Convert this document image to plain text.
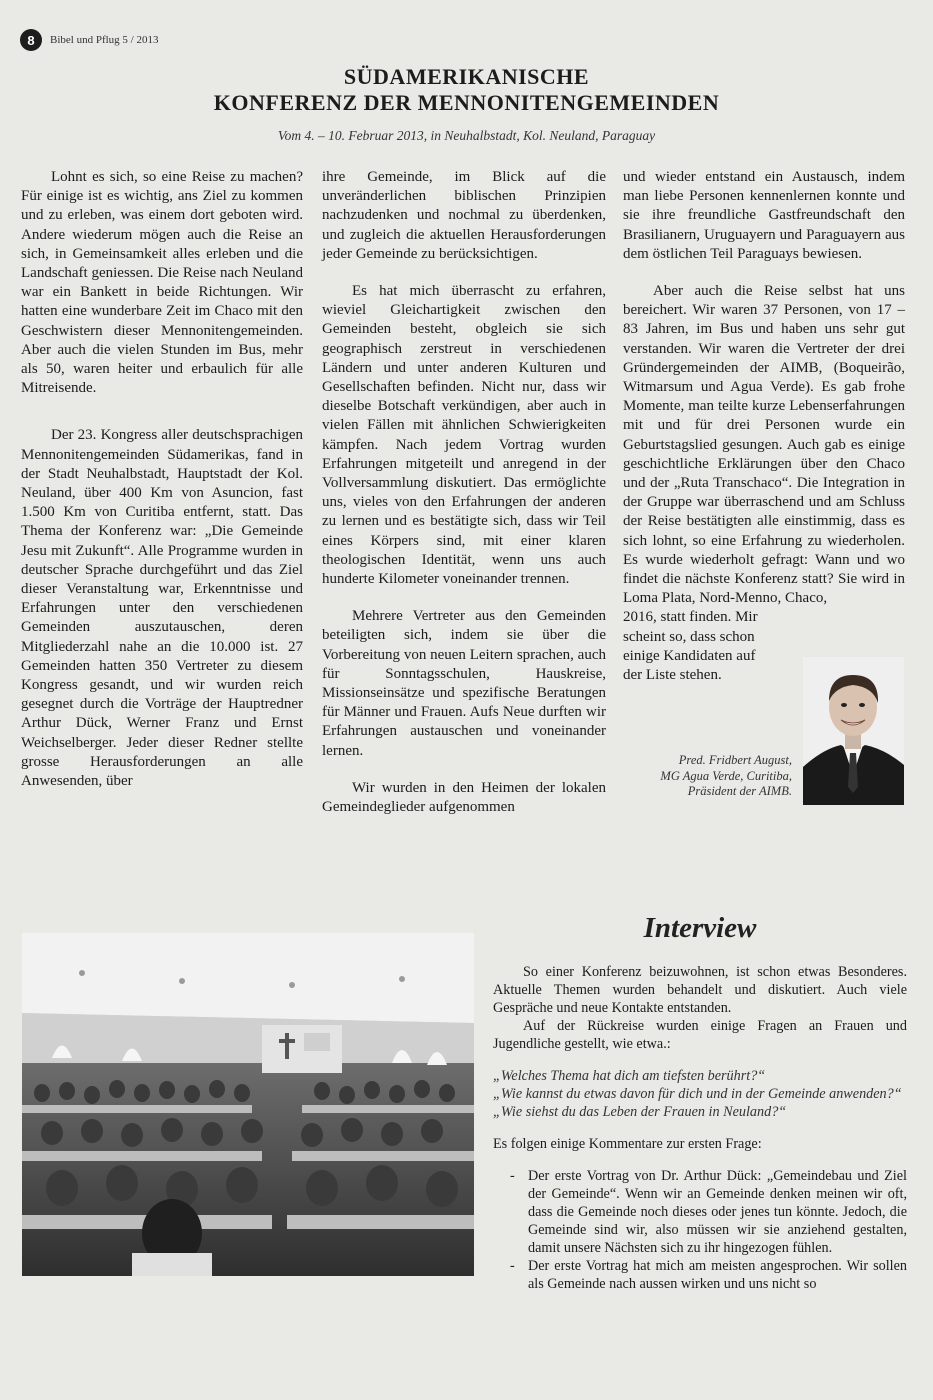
8	Bibel und Pflug 5 / 2013
SÜDAMERIKANISCHE
KONFERENZ DER MENNONITENGEMEINDEN
Vom 4. – 10. Februar 2013, in Neuhalbstadt, Kol. Neuland, Paraguay

Lohnt es sich, so eine Reise zu machen? Für einige ist es wichtig, ans Ziel zu kommen und zu erleben, was einem dort geboten wird. Andere wiederum mögen auch die Reise an sich, in Gemeinsamkeit alles erleben und die Landschaft geniessen. Die Reise nach Neuland war ein Bankett in beide Richtungen. Wir hatten eine wunderbare Zeit im Chaco mit den Geschwistern dieser Mennonitengemeinden. Aber auch die vielen Stunden im Bus, mehr als 50, waren heiter und erbaulich für alle Mitreisende.

Der 23. Kongress aller deutschsprachigen Mennonitengemeinden Südamerikas, fand in der Stadt Neuhalbstadt, Hauptstadt der Kol. Neuland, über 400 Km von Asuncion, fast 1.500 Km von Curitiba entfernt, statt. Das Thema der Konferenz war: „Die Gemeinde Jesu mit Zukunft“. Alle Programme wurden in deutscher Sprache durchgeführt und das Ziel dieser Veranstaltung war, Erkenntnisse und Erfahrungen unter den verschiedenen Gemeinden auszutauschen, deren Mitgliederzahl nahe an die 10.000 ist. 27 Gemeinden hatten 350 Vertreter zu diesem Kongress gesandt, und wir wurden reich gesegnet durch die Vorträge der Hauptredner Arthur Dück, Werner Franz und Ernst Weichselberger. Jeder dieser Redner stellte grosse Herausforderungen an alle Anwesenden, über

ihre Gemeinde, im Blick auf die unveränderlichen biblischen Prinzipien nachzudenken und nochmal zu überdenken, und zugleich die aktuellen Herausforderungen jeder Gemeinde zu berücksichtigen.

Es hat mich überrascht zu erfahren, wieviel Gleichartigkeit zwischen den Gemeinden besteht, obgleich sie sich geographisch zerstreut in verschiedenen Ländern und unter anderen Kulturen und Gesellschaften befinden. Nicht nur, dass wir dieselbe Botschaft verkündigen, aber auch in vielen Fällen mit ähnlichen Schwierigkeiten kämpfen. Nach jedem Vortrag wurden Erfahrungen mitgeteilt und anregend in der Vollversammlung diskutiert. Das ermöglichte uns, vieles von den Erfahrungen der anderen zu lernen und es bestätigte sich, dass wir Teil eines Körpers sind, mit einer klaren theologischen Identität, wenn uns auch hunderte Kilometer voneinander trennen.

Mehrere Vertreter aus den Gemeinden beteiligten sich, indem sie über die Vorbereitung von neuen Leitern sprachen, auch für Sonntagsschulen, Hauskreise, Missionseinsätze und spezifische Beratungen für Männer und Frauen. Aufs Neue durften wir Erfahrungen austauschen und voneinander lernen.

Wir wurden in den Heimen der lokalen Gemeindeglieder aufgenommen

und wieder entstand ein Austausch, indem man liebe Personen kennenlernen konnte und sie ihre freundliche Gastfreundschaft den Brasilianern, Uruguayern und Paraguayern aus dem östlichen Teil Paraguays bewiesen.

Aber auch die Reise selbst hat uns bereichert. Wir waren 37 Personen, von 17 – 83 Jahren, im Bus und haben uns sehr gut verstanden. Wir waren die Vertreter der drei Gründergemeinden der AIMB, (Boqueirão, Witmarsum und Agua Verde). Es gab frohe Momente, man teilte kurze Lebenserfahrungen mit und für drei Personen wurde ein Geburtstagslied gesungen. Auch gab es einige geschichtliche Erklärungen über den Chaco und der „Ruta Transchaco“. Die Integration in der Gruppe war überraschend und am Schluss der Reise bestätigten alle einstimmig, dass es sich lohnt, so eine Erfahrung zu wiederholen. Es wurde wiederholt gefragt: Wann und wo findet die nächste Konferenz statt? Sie wird in Loma Plata, Nord-Menno, Chaco,

2016, statt finden. Mir
scheint so, dass schon
einige Kandidaten auf
der Liste stehen.
Pred. Fridbert August,
MG Agua Verde, Curitiba,
Präsident der AIMB.
Interview

So einer Konferenz beizuwohnen, ist schon etwas Besonderes. Aktuelle Themen wurden behandelt und diskutiert. Auch viele Gespräche und neue Kontakte entstanden.

Auf der Rückreise wurden einige Fragen an Frauen und Jugendliche gestellt, wie etwa.:

„Welches Thema hat dich am tiefsten berührt?“
„Wie kannst du etwas davon für dich und in der Gemeinde anwenden?“
„Wie siehst du das Leben der Frauen in Neuland?“

Es folgen einige Kommentare zur ersten Frage:

- Der erste Vortrag von Dr. Arthur Dück: „Gemeindebau und Ziel der Gemeinde“. Wenn wir an Gemeinde denken meinen wir oft, dass die Gemeinde noch dieses oder jenes tun könnte. Jedoch, die Gemeinde sind wir, also müssen wir sie anziehend gestalten, damit unsere Nächsten sich zu ihr hingezogen fühlen.
- Der erste Vortrag hat mich am meisten angesprochen. Wir sollen als Gemeinde nach aussen wirken und uns nicht so
